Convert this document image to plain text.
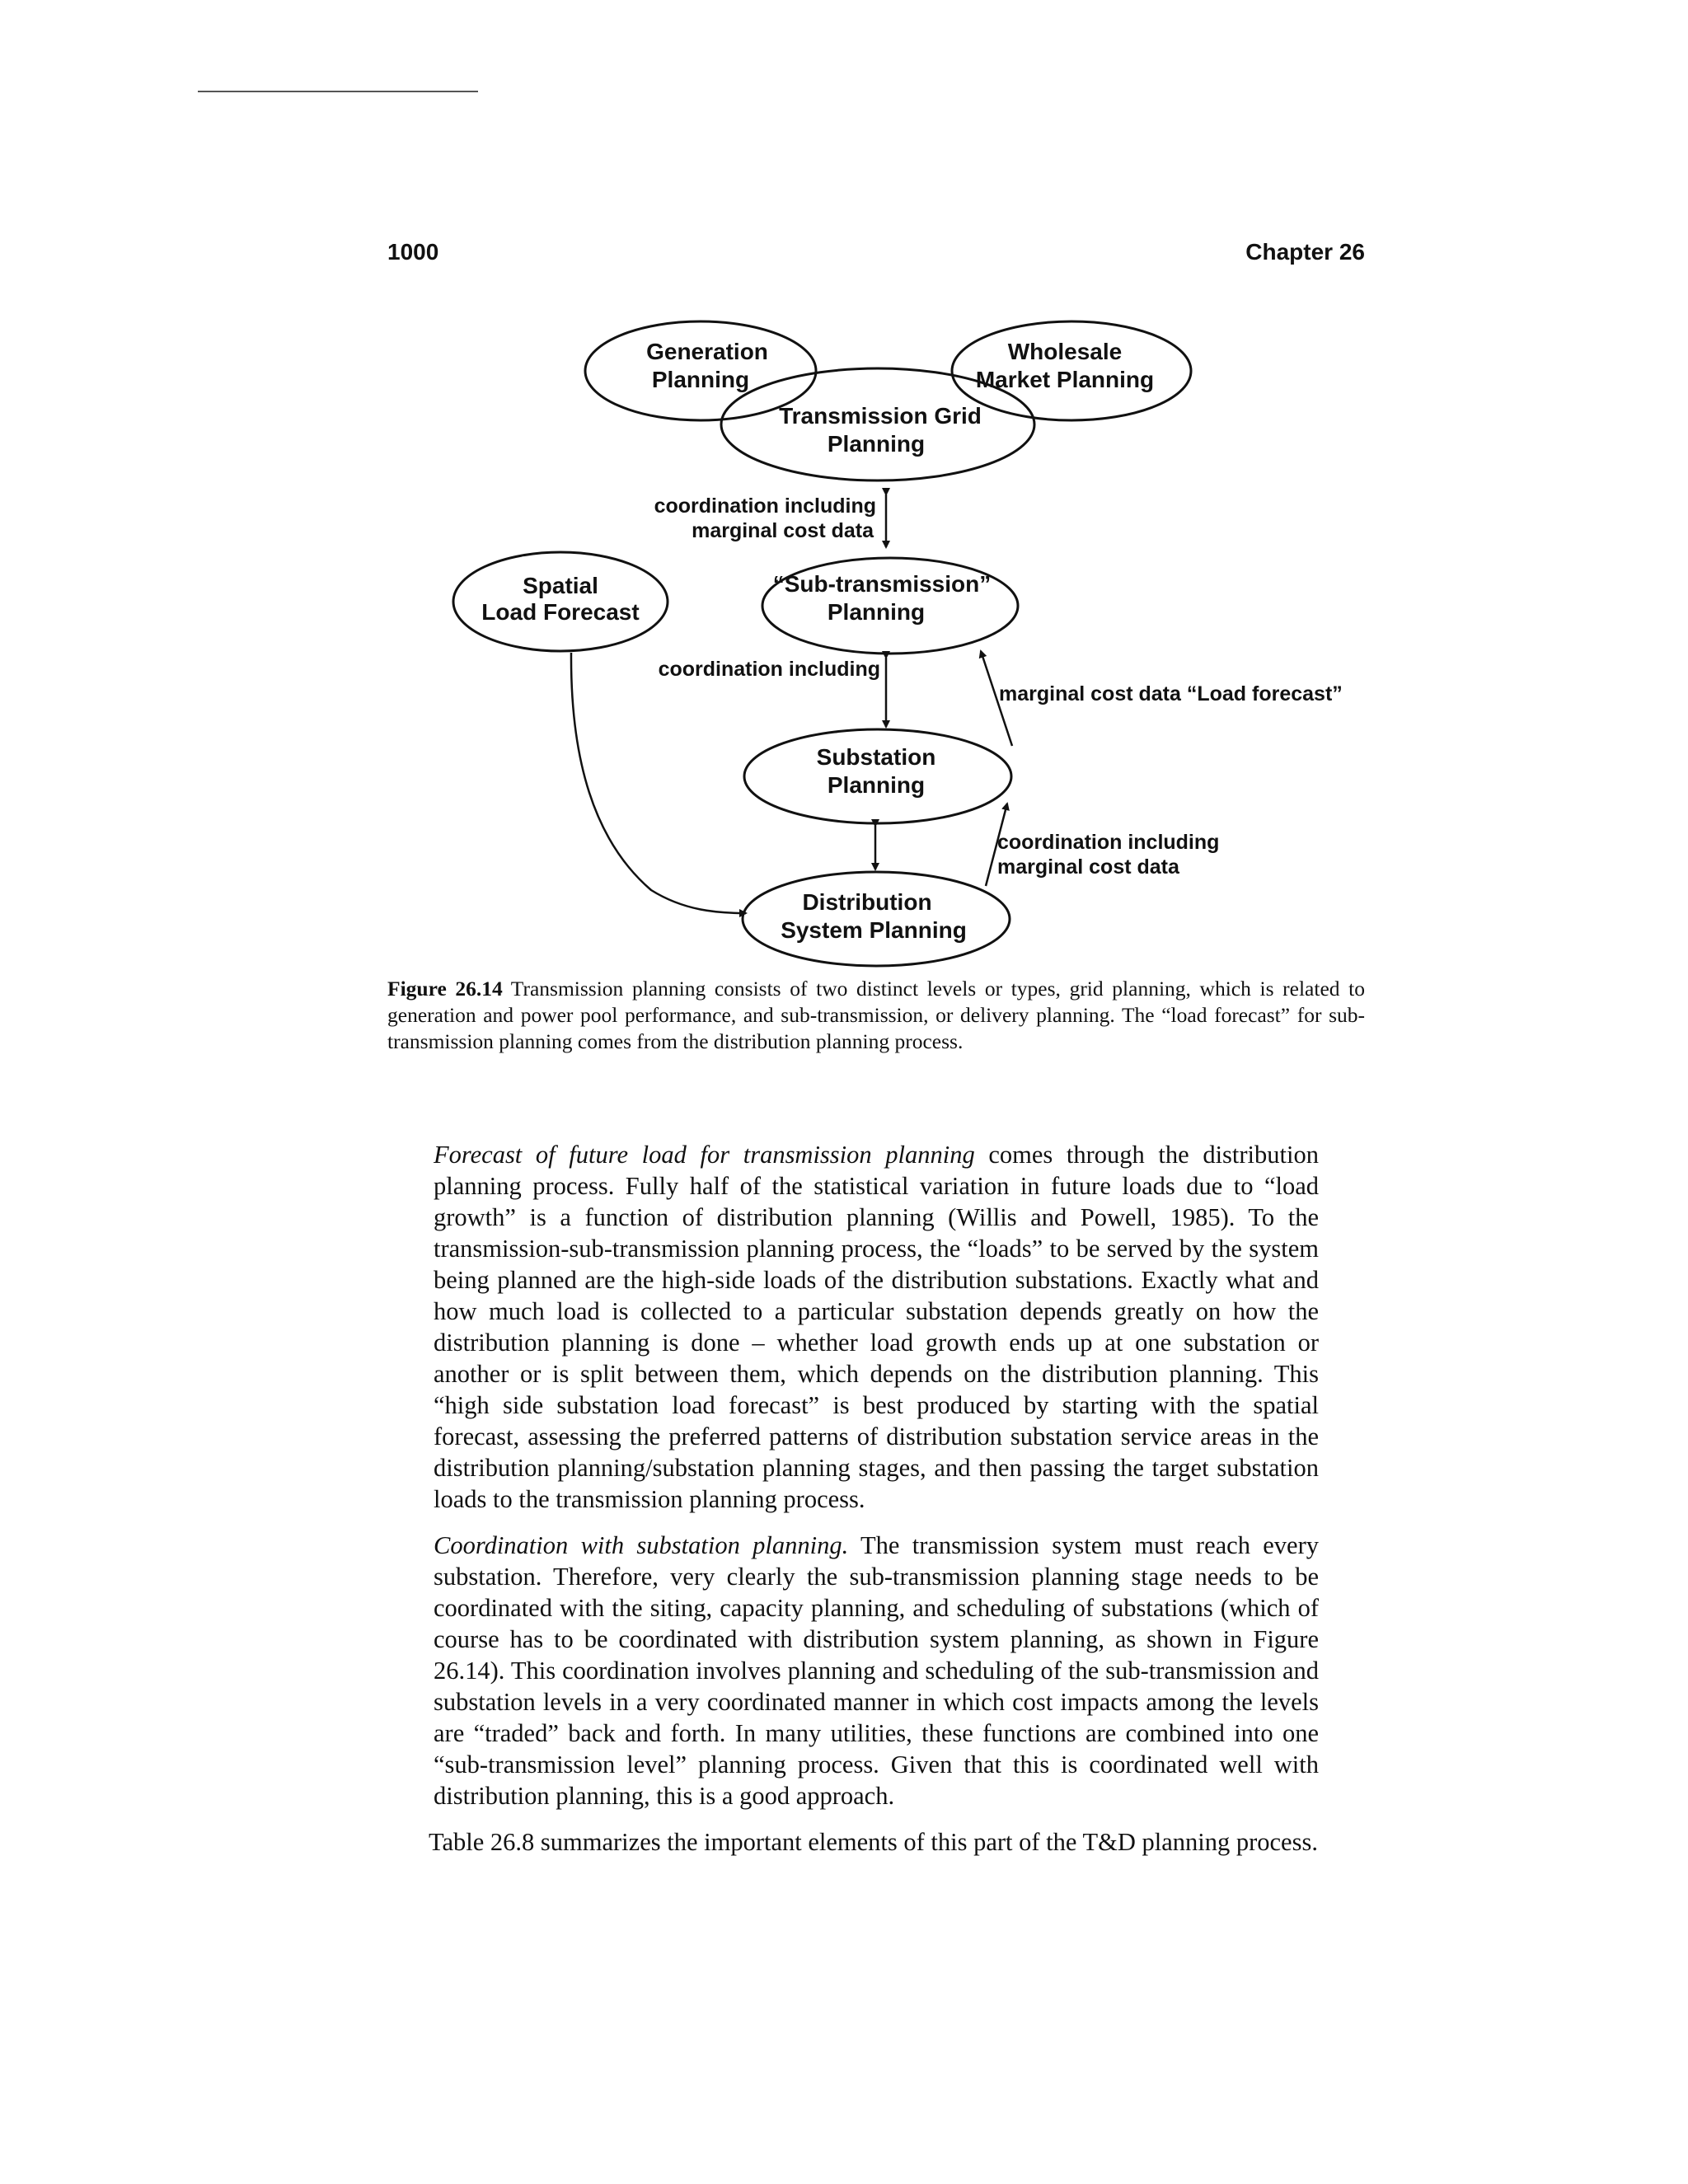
1000	Chapter 26
Generation
Planning
Wholesale
Market Planning
Transmission Grid
Planning
Spatial
Load Forecast
“Sub-transmission”
Planning
Substation
Planning
Distribution
System Planning
coordination including
marginal cost data
coordination including
marginal cost data “Load forecast”
coordination including
marginal cost data
Figure 26.14 Transmission planning consists of two distinct levels or types, grid planning, which is related to generation and power pool performance, and sub-transmission, or delivery planning. The “load forecast” for sub-transmission planning comes from the distribution planning process.

Forecast of future load for transmission planning comes through the distribution planning process. Fully half of the statistical variation in future loads due to “load growth” is a function of distribution planning (Willis and Powell, 1985). To the transmission-sub-transmission planning process, the “loads” to be served by the system being planned are the high-side loads of the distribution substations. Exactly what and how much load is collected to a particular substation depends greatly on how the distribution planning is done – whether load growth ends up at one substation or another or is split between them, which depends on the distribution planning. This “high side substation load forecast” is best produced by starting with the spatial forecast, assessing the preferred patterns of distribution substation service areas in the distribution planning/substation planning stages, and then passing the target substation loads to the transmission planning process.

Coordination with substation planning. The transmission system must reach every substation. Therefore, very clearly the sub-transmission planning stage needs to be coordinated with the siting, capacity planning, and scheduling of substations (which of course has to be coordinated with distribution system planning, as shown in Figure 26.14). This coordination involves planning and scheduling of the sub-transmission and substation levels in a very coordinated manner in which cost impacts among the levels are “traded” back and forth. In many utilities, these functions are combined into one “sub-transmission level” planning process. Given that this is coordinated well with distribution planning, this is a good approach.

Table 26.8 summarizes the important elements of this part of the T&D planning process.
